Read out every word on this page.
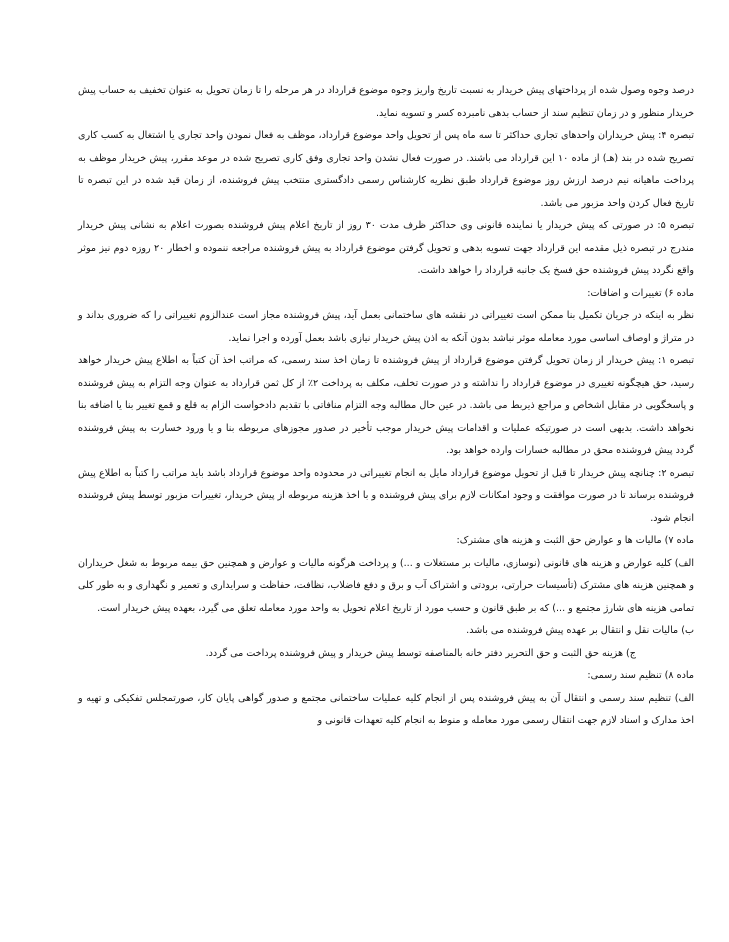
درصد وجوه وصول شده از پرداختهای پیش خریدار به نسبت تاریخ واریز وجوه موضوع قرارداد در هر مرحله را تا زمان تحویل به عنوان تخفیف به حساب پیش خریدار منظور و در زمان تنظیم سند از حساب بدهی نامبرده کسر و تسویه نماید.

تبصره ۴: پیش خریداران واحدهای تجاری حداکثر تا سه ماه پس از تحویل واحد موضوع قرارداد، موظف به فعال نمودن واحد تجاری یا اشتغال به کسب کاری تصریح شده در بند (هـ) از ماده ۱۰ این قرارداد می باشند. در صورت فعال نشدن واحد تجاری وفق کاری تصریح شده در موعد مقرر، پیش خریدار موظف به پرداخت ماهیانه نیم درصد ارزش روز موضوع قرارداد طبق نظریه کارشناس رسمی دادگستری منتخب پیش فروشنده، از زمان قید شده در این تبصره تا تاریخ فعال کردن واحد مزبور می باشد.

تبصره ۵: در صورتی که پیش خریدار یا نماینده قانونی وی حداکثر ظرف مدت ۳۰ روز از تاریخ اعلام پیش فروشنده بصورت اعلام به نشانی پیش خریدار مندرج در تبصره ذیل مقدمه این قرارداد جهت تسویه بدهی و تحویل گرفتن موضوع قرارداد به پیش فروشنده مراجعه ننموده و اخطار ۲۰ روزه دوم نیز موثر واقع نگردد پیش فروشنده حق فسخ یک جانبه قرارداد را خواهد داشت.

ماده ۶) تغییرات و اضافات:

نظر به اینکه در جریان تکمیل بنا ممکن است تغییراتی در نقشه های ساختمانی بعمل آید، پیش فروشنده مجاز است عندالزوم تغییراتی را که ضروری بداند و در متراژ و اوصاف اساسی مورد معامله موثر نباشد بدون آنکه به اذن پیش خریدار نیازی باشد بعمل آورده و اجرا نماید.

تبصره ۱: پیش خریدار از زمان تحویل گرفتن موضوع قرارداد از پیش فروشنده تا زمان اخذ سند رسمی، که مراتب اخذ آن کتباً به اطلاع پیش خریدار خواهد رسید، حق هیچگونه تغییری در موضوع قرارداد را نداشته و در صورت تخلف، مکلف به پرداخت ۲٪ از کل ثمن قرارداد به عنوان وجه التزام به پیش فروشنده و پاسخگویی در مقابل اشخاص و مراجع ذیربط می باشد. در عین حال مطالبه وجه التزام منافاتی با تقدیم دادخواست الزام به قلع و قمع تغییر بنا یا اضافه بنا نخواهد داشت. بدیهی است در صورتیکه عملیات و اقدامات پیش خریدار موجب تأخیر در صدور مجوزهای مربوطه بنا و یا ورود خسارت به پیش فروشنده گردد پیش فروشنده محق در مطالبه خسارات وارده خواهد بود.

تبصره ۲: چنانچه پیش خریدار تا قبل از تحویل موضوع قرارداد مایل به انجام تغییراتی در محدوده واحد موضوع قرارداد باشد باید مراتب را کتباً به اطلاع پیش فروشنده برساند تا در صورت موافقت و وجود امکانات لازم برای پیش فروشنده و با اخذ هزینه مربوطه از پیش خریدار، تغییرات مزبور توسط پیش فروشنده انجام شود.

ماده ۷) مالیات ها و عوارض حق الثبت و هزینه های مشترک:

الف) کلیه عوارض و هزینه های قانونی (نوسازی، مالیات بر مستغلات و ...) و پرداخت هرگونه مالیات و عوارض و همچنین حق بیمه مربوط به شغل خریداران و همچنین هزینه های مشترک (تأسیسات حرارتی، برودتی و اشتراک آب و برق و دفع فاضلاب، نظافت، حفاظت و سرایداری و تعمیر و نگهداری و به طور کلی تمامی هزینه های شارژ مجتمع و ...) که بر طبق قانون و حسب مورد از تاریخ اعلام تحویل به واحد مورد معامله تعلق می گیرد، بعهده پیش خریدار است.

ب) مالیات نقل و انتقال بر عهده پیش فروشنده می باشد.

ج) هزینه حق الثبت و حق التحریر دفتر خانه بالمناصفه توسط پیش خریدار و پیش فروشنده پرداخت می گردد.

ماده ۸) تنظیم سند رسمی:

الف) تنظیم سند رسمی و انتقال آن به پیش فروشنده پس از انجام کلیه عملیات ساختمانی مجتمع و صدور گواهی پایان کار، صورتمجلس تفکیکی و تهیه و اخذ مدارک و اسناد لازم جهت انتقال رسمی مورد معامله و منوط به انجام کلیه تعهدات قانونی و
